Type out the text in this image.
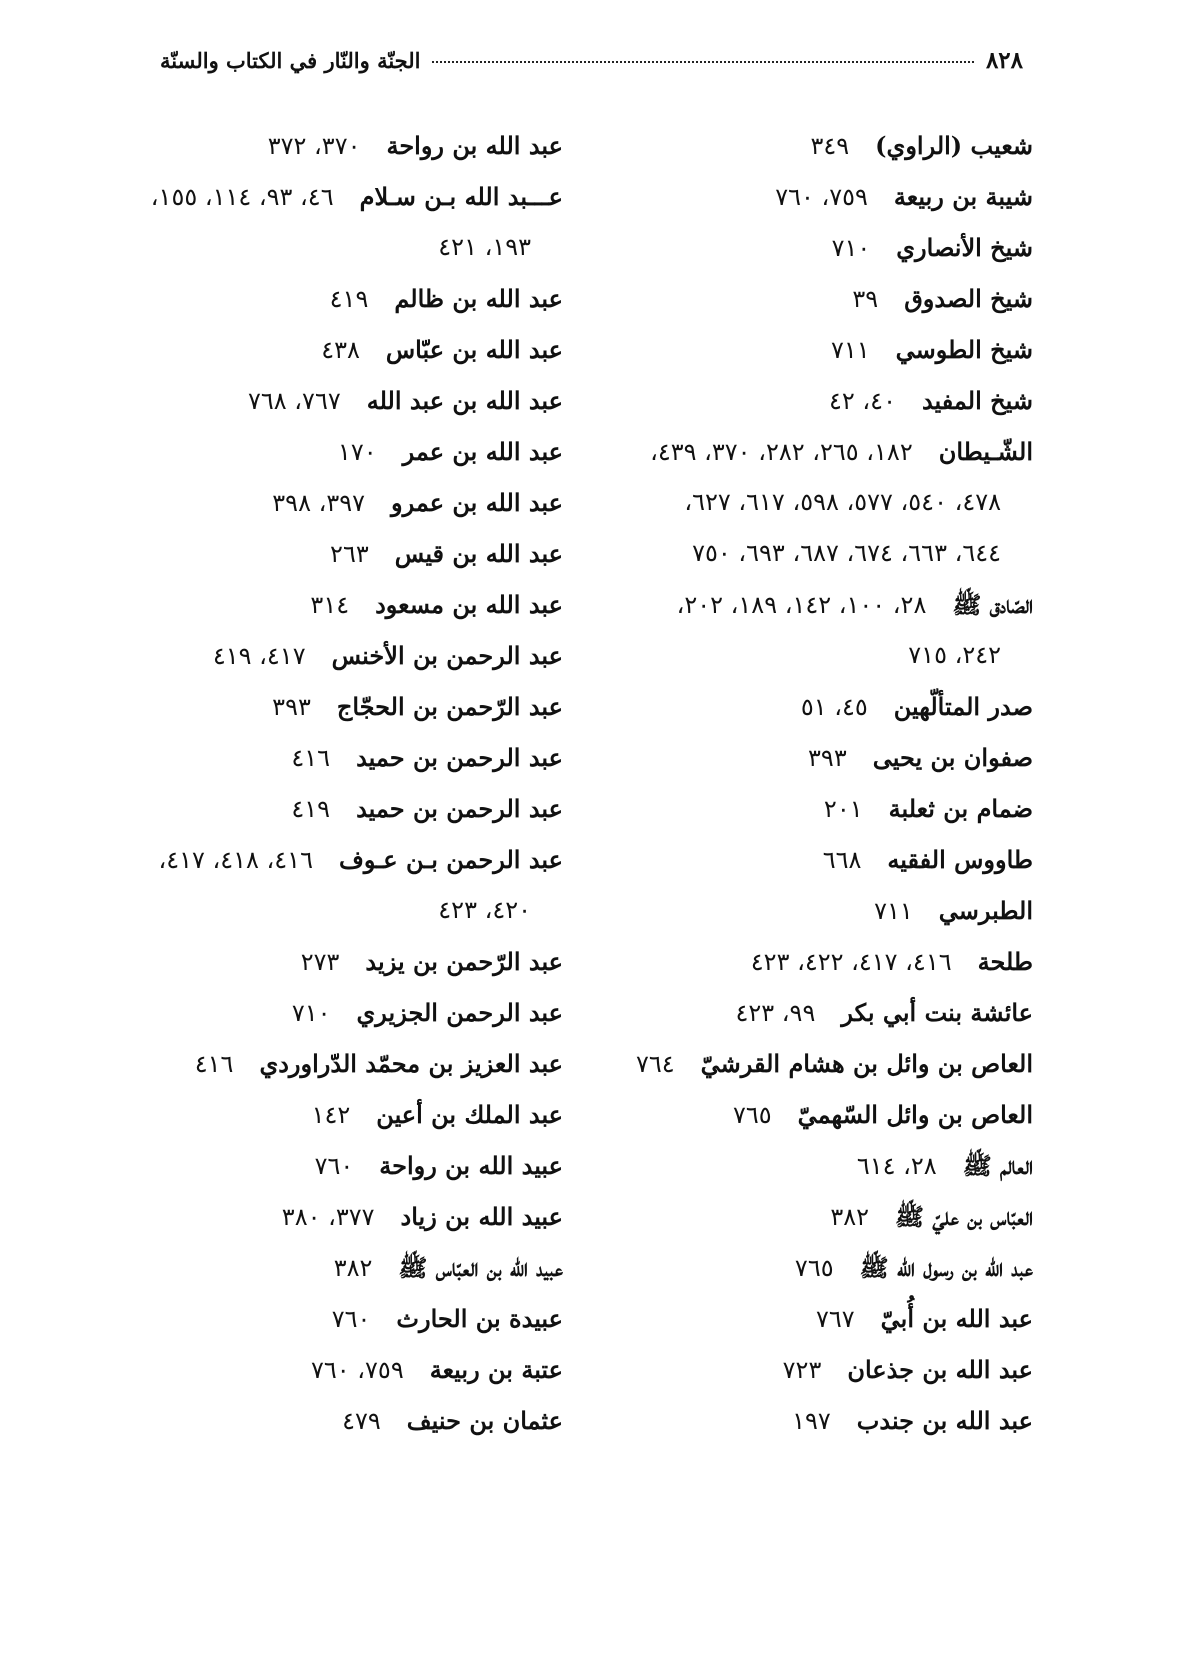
٨٢٨
الجنّة والنّار في الكتاب والسنّة
شعيب (الراوي)٣٤٩
شيبة بن ربيعة٧٥٩، ٧٦٠
شيخ الأنصاري٧١٠
شيخ الصدوق٣٩
شيخ الطوسي٧١١
شيخ المفيد٤٠، ٤٢
الشّـيطان١٨٢، ٢٦٥، ٢٨٢، ٣٧٠، ٤٣٩،
٤٧٨، ٥٤٠، ٥٧٧، ٥٩٨، ٦١٧، ٦٢٧،
٦٤٤، ٦٦٣، ٦٧٤، ٦٨٧، ٦٩٣، ٧٥٠
الصّادق ﷺ٢٨، ١٠٠، ١٤٢، ١٨٩، ٢٠٢،
٢٤٢، ٧١٥
صدر المتألّهين٤٥، ٥١
صفوان بن يحيى٣٩٣
ضمام بن ثعلبة٢٠١
طاووس الفقيه٦٦٨
الطبرسي٧١١
طلحة٤١٦، ٤١٧، ٤٢٢، ٤٢٣
عائشة بنت أبي بكر٩٩، ٤٢٣
العاص بن وائل بن هشام القرشيّ٧٦٤
العاص بن وائل السّهميّ٧٦٥
العالم ﷺ٢٨، ٦١٤
العبّاس بن عليّ ﷺ٣٨٢
عبد الله بن رسول الله ﷺ٧٦٥
عبد الله بن أُبيّ٧٦٧
عبد الله بن جذعان٧٢٣
عبد الله بن جندب١٩٧
عبد الله بن رواحة٣٧٠، ٣٧٢
عـــبد الله بـن سـلام٤٦، ٩٣، ١١٤، ١٥٥،
١٩٣، ٤٢١
عبد الله بن ظالم٤١٩
عبد الله بن عبّاس٤٣٨
عبد الله بن عبد الله٧٦٧، ٧٦٨
عبد الله بن عمر١٧٠
عبد الله بن عمرو٣٩٧، ٣٩٨
عبد الله بن قيس٢٦٣
عبد الله بن مسعود٣١٤
عبد الرحمن بن الأخنس٤١٧، ٤١٩
عبد الرّحمن بن الحجّاج٣٩٣
عبد الرحمن بن حميد٤١٦
عبد الرحمن بن حميد٤١٩
عبد الرحمن بـن عـوف٤١٦، ٤١٨، ٤١٧،
٤٢٠، ٤٢٣
عبد الرّحمن بن يزيد٢٧٣
عبد الرحمن الجزيري٧١٠
عبد العزيز بن محمّد الدّراوردي٤١٦
عبد الملك بن أعين١٤٢
عبيد الله بن رواحة٧٦٠
عبيد الله بن زياد٣٧٧، ٣٨٠
عبيد الله بن العبّاس ﷺ٣٨٢
عبيدة بن الحارث٧٦٠
عتبة بن ربيعة٧٥٩، ٧٦٠
عثمان بن حنيف٤٧٩
